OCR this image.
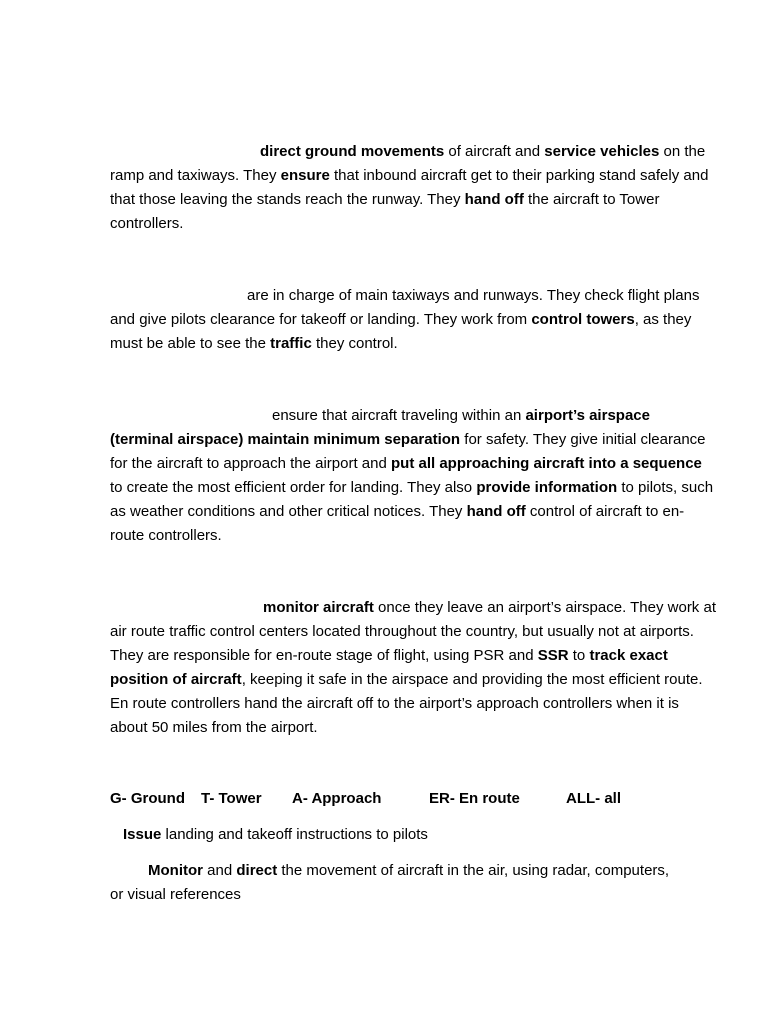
direct ground movements of aircraft and service vehicles on the ramp and taxiways. They ensure that inbound aircraft get to their parking stand safely and that those leaving the stands reach the runway. They hand off the aircraft to Tower controllers.

are in charge of main taxiways and runways. They check flight plans and give pilots clearance for takeoff or landing. They work from control towers, as they must be able to see the traffic they control.

ensure that aircraft traveling within an airport’s airspace (terminal airspace) maintain minimum separation for safety. They give initial clearance for the aircraft to approach the airport and put all approaching aircraft into a sequence to create the most efficient order for landing. They also provide information to pilots, such as weather conditions and other critical notices. They hand off control of aircraft to en-route controllers.

monitor aircraft once they leave an airport’s airspace. They work at air route traffic control centers located throughout the country, but usually not at airports. They are responsible for en-route stage of flight, using PSR and SSR to track exact position of aircraft, keeping it safe in the airspace and providing the most efficient route. En route controllers hand the aircraft off to the airport’s approach controllers when it is about 50 miles from the airport.

G- Ground T- Tower A- Approach	ER- En route	ALL- all

Issue landing and takeoff instructions to pilots

Monitor and direct the movement of aircraft in the air, using radar, computers, or visual references
